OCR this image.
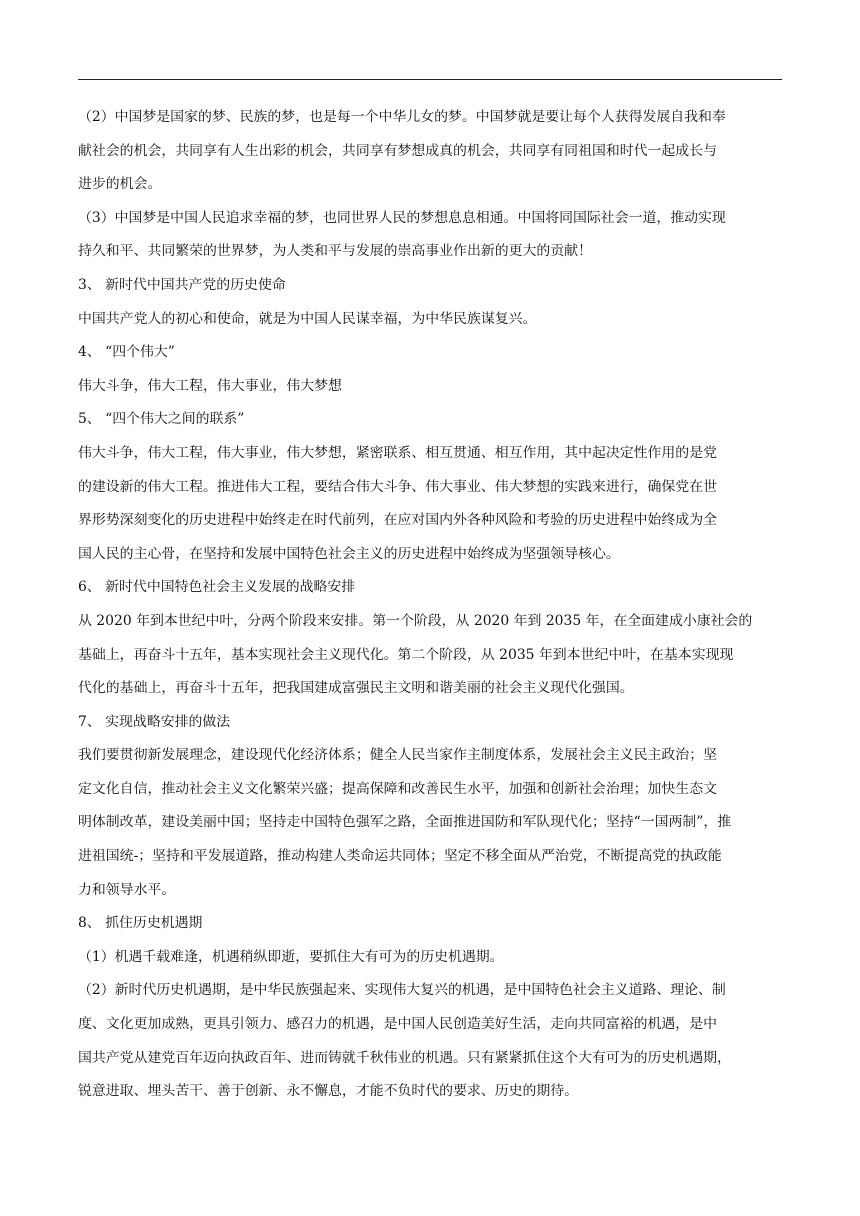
（2）中国梦是国家的梦、民族的梦，也是每一个中华儿女的梦。中国梦就是要让每个人获得发展自我和奉

献社会的机会，共同享有人生出彩的机会，共同享有梦想成真的机会，共同享有同祖国和时代一起成长与

进步的机会。

（3）中国梦是中国人民追求幸福的梦，也同世界人民的梦想息息相通。中国将同国际社会一道，推动实现

持久和平、共同繁荣的世界梦，为人类和平与发展的崇高事业作出新的更大的贡献！

3、 新时代中国共产党的历史使命

中国共产党人的初心和使命，就是为中国人民谋幸福，为中华民族谋复兴。

4、 “四个伟大”

伟大斗争，伟大工程，伟大事业，伟大梦想

5、 “四个伟大之间的联系”

伟大斗争，伟大工程，伟大事业，伟大梦想，紧密联系、相互贯通、相互作用，其中起决定性作用的是党

的建设新的伟大工程。推进伟大工程，要结合伟大斗争、伟大事业、伟大梦想的实践来进行，确保党在世

界形势深刻变化的历史进程中始终走在时代前列，在应对国内外各种风险和考验的历史进程中始终成为全

国人民的主心骨，在坚持和发展中国特色社会主义的历史进程中始终成为坚强领导核心。

6、 新时代中国特色社会主义发展的战略安排

从 2020 年到本世纪中叶，分两个阶段来安排。第一个阶段，从 2020 年到 2035 年，在全面建成小康社会的

基础上，再奋斗十五年，基本实现社会主义现代化。第二个阶段，从 2035 年到本世纪中叶，在基本实现现

代化的基础上，再奋斗十五年，把我国建成富强民主文明和谐美丽的社会主义现代化强国。

7、 实现战略安排的做法

我们要贯彻新发展理念，建设现代化经济体系；健全人民当家作主制度体系，发展社会主义民主政治；坚

定文化自信，推动社会主义文化繁荣兴盛；提高保障和改善民生水平，加强和创新社会治理；加快生态文

明体制改革，建设美丽中国；坚持走中国特色强军之路，全面推进国防和军队现代化；坚持“一国两制”，推

进祖国统-；坚持和平发展道路，推动构建人类命运共同体；坚定不移全面从严治党，不断提高党的执政能

力和领导水平。

8、 抓住历史机遇期

（1）机遇千载难逢，机遇稍纵即逝，要抓住大有可为的历史机遇期。

（2）新时代历史机遇期，是中华民族强起来、实现伟大复兴的机遇，是中国特色社会主义道路、理论、制

度、文化更加成熟，更具引领力、感召力的机遇，是中国人民创造美好生活，走向共同富裕的机遇，是中

国共产党从建党百年迈向执政百年、进而铸就千秋伟业的机遇。只有紧紧抓住这个大有可为的历史机遇期，

锐意进取、埋头苦干、善于创新、永不懈息，才能不负时代的要求、历史的期待。
